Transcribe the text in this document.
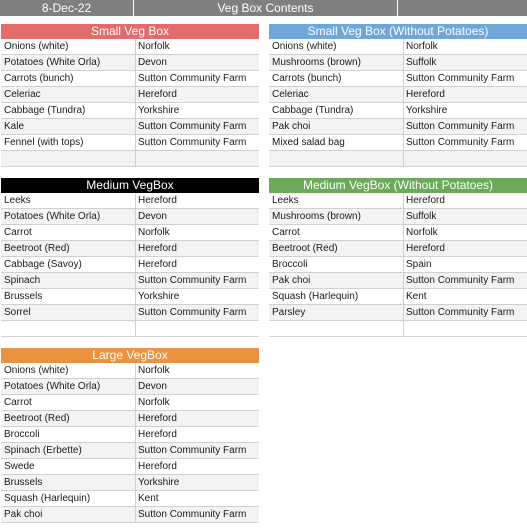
8-Dec-22	Veg Box Contents
Small Veg Box
Onions (white)	Norfolk
Potatoes (White Orla)	Devon
Carrots (bunch)	Sutton Community Farm
Celeriac	Hereford
Cabbage (Tundra)	Yorkshire
Kale	Sutton Community Farm
Fennel (with tops)	Sutton Community Farm
Small Veg Box (Without Potatoes)
Onions (white)	Norfolk
Mushrooms (brown)	Suffolk
Carrots (bunch)	Sutton Community Farm
Celeriac	Hereford
Cabbage (Tundra)	Yorkshire
Pak choi	Sutton Community Farm
Mixed salad bag	Sutton Community Farm
Medium VegBox
Leeks	Hereford
Potatoes (White Orla)	Devon
Carrot	Norfolk
Beetroot (Red)	Hereford
Cabbage (Savoy)	Hereford
Spinach	Sutton Community Farm
Brussels	Yorkshire
Sorrel	Sutton Community Farm
Medium VegBox (Without Potatoes)
Leeks	Hereford
Mushrooms (brown)	Suffolk
Carrot	Norfolk
Beetroot (Red)	Hereford
Broccoli	Spain
Pak choi	Sutton Community Farm
Squash (Harlequin)	Kent
Parsley	Sutton Community Farm
Large VegBox
Onions (white)	Norfolk
Potatoes (White Orla)	Devon
Carrot	Norfolk
Beetroot (Red)	Hereford
Broccoli	Hereford
Spinach (Erbette)	Sutton Community Farm
Swede	Hereford
Brussels	Yorkshire
Squash (Harlequin)	Kent
Pak choi	Sutton Community Farm
